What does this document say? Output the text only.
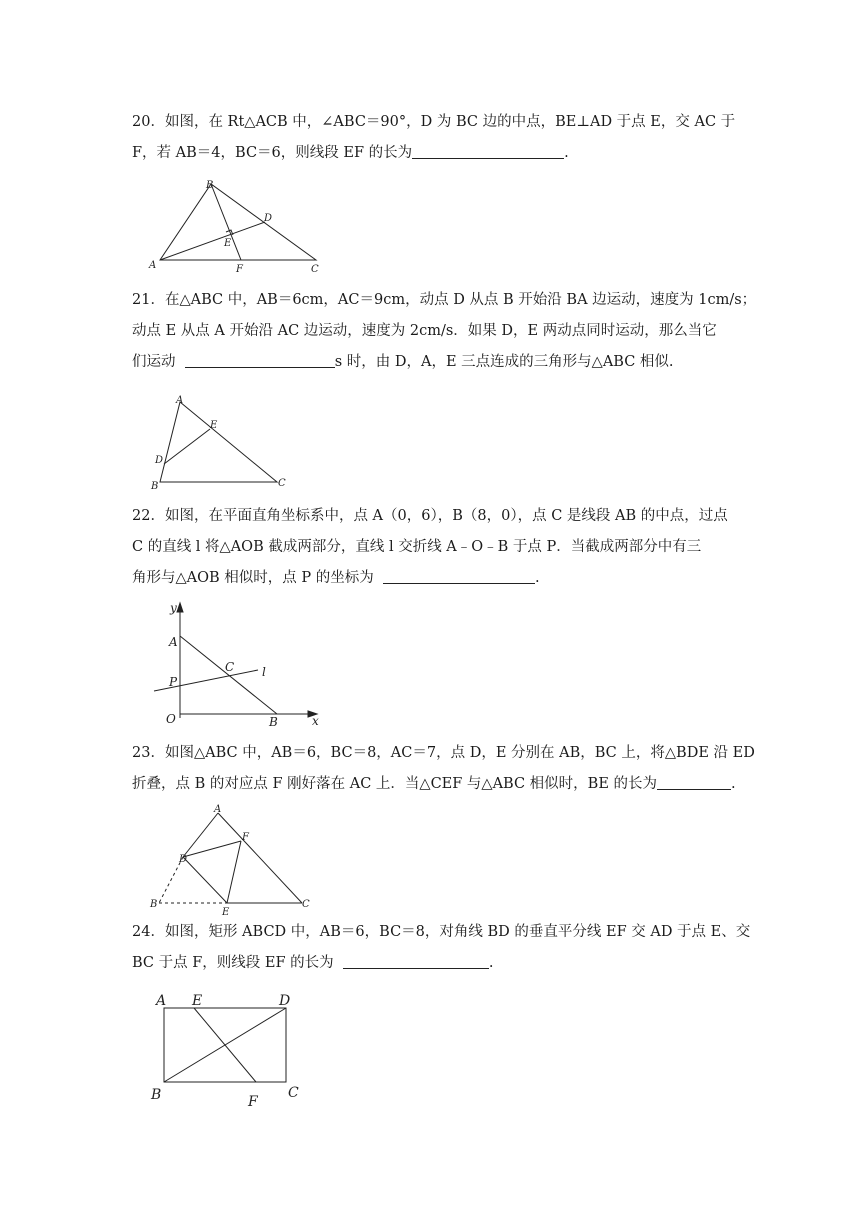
20．如图，在 Rt△ACB 中，∠ABC＝90°，D 为 BC 边的中点，BE⊥AD 于点 E，交 AC 于
F，若 AB＝4，BC＝6，则线段 EF 的长为	.
B
D
E
A	F	C
21．在△ABC 中，AB＝6cm，AC＝9cm，动点 D 从点 B 开始沿 BA 边运动，速度为 1cm/s；
动点 E 从点 A 开始沿 AC 边运动，速度为 2cm/s．如果 D，E 两动点同时运动，那么当它
们运动	s 时，由 D，A，E 三点连成的三角形与△ABC 相似.
A
E
D
B	C
22．如图，在平面直角坐标系中，点 A（0，6），B（8，0），点 C 是线段 AB 的中点，过点
C 的直线 l 将△AOB 截成两部分，直线 l 交折线 A﹣O﹣B 于点 P．当截成两部分中有三
角形与△AOB 相似时，点 P 的坐标为	.
y
A
C l
P
O	B	x
23．如图△ABC 中，AB＝6，BC＝8，AC＝7，点 D，E 分别在 AB，BC 上，将△BDE 沿 ED
折叠，点 B 的对应点 F 刚好落在 AC 上．当△CEF 与△ABC 相似时，BE 的长为	.
A
F
D
B
E
C
24．如图，矩形 ABCD 中，AB＝6，BC＝8，对角线 BD 的垂直平分线 EF 交 AD 于点 E、交
BC 于点 F，则线段 EF 的长为	.
A E	D
B	F
C
